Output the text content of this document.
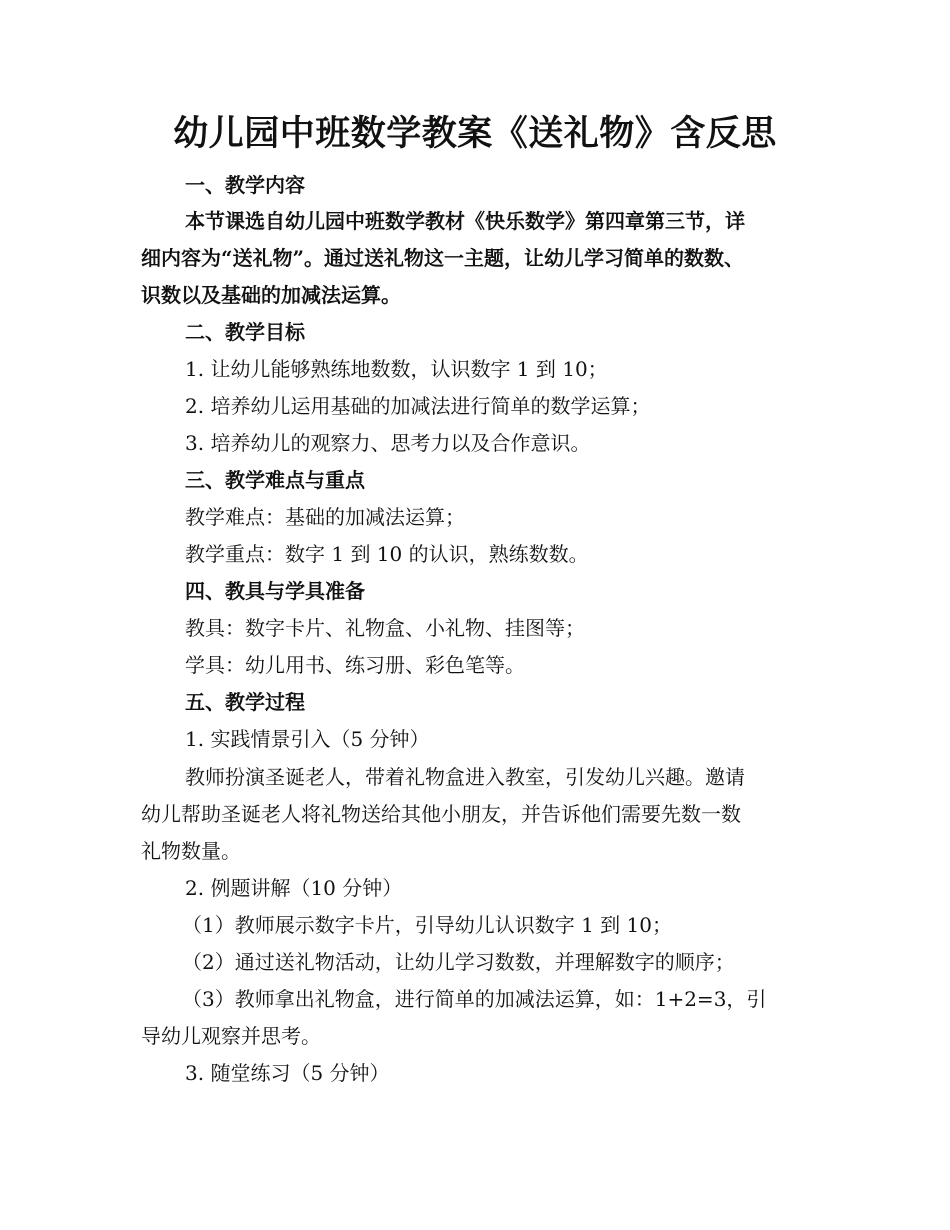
幼儿园中班数学教案《送礼物》含反思
一、教学内容
本节课选自幼儿园中班数学教材《快乐数学》第四章第三节，详
细内容为“送礼物”。通过送礼物这一主题，让幼儿学习简单的数数、
识数以及基础的加减法运算。
二、教学目标
1. 让幼儿能够熟练地数数，认识数字 1 到 10；
2. 培养幼儿运用基础的加减法进行简单的数学运算；
3. 培养幼儿的观察力、思考力以及合作意识。
三、教学难点与重点
教学难点：基础的加减法运算；
教学重点：数字 1 到 10 的认识，熟练数数。
四、教具与学具准备
教具：数字卡片、礼物盒、小礼物、挂图等；
学具：幼儿用书、练习册、彩色笔等。
五、教学过程
1. 实践情景引入（5 分钟）
教师扮演圣诞老人，带着礼物盒进入教室，引发幼儿兴趣。邀请
幼儿帮助圣诞老人将礼物送给其他小朋友，并告诉他们需要先数一数
礼物数量。
2. 例题讲解（10 分钟）
（1）教师展示数字卡片，引导幼儿认识数字 1 到 10；
（2）通过送礼物活动，让幼儿学习数数，并理解数字的顺序；
（3）教师拿出礼物盒，进行简单的加减法运算，如：1+2=3，引
导幼儿观察并思考。
3. 随堂练习（5 分钟）
